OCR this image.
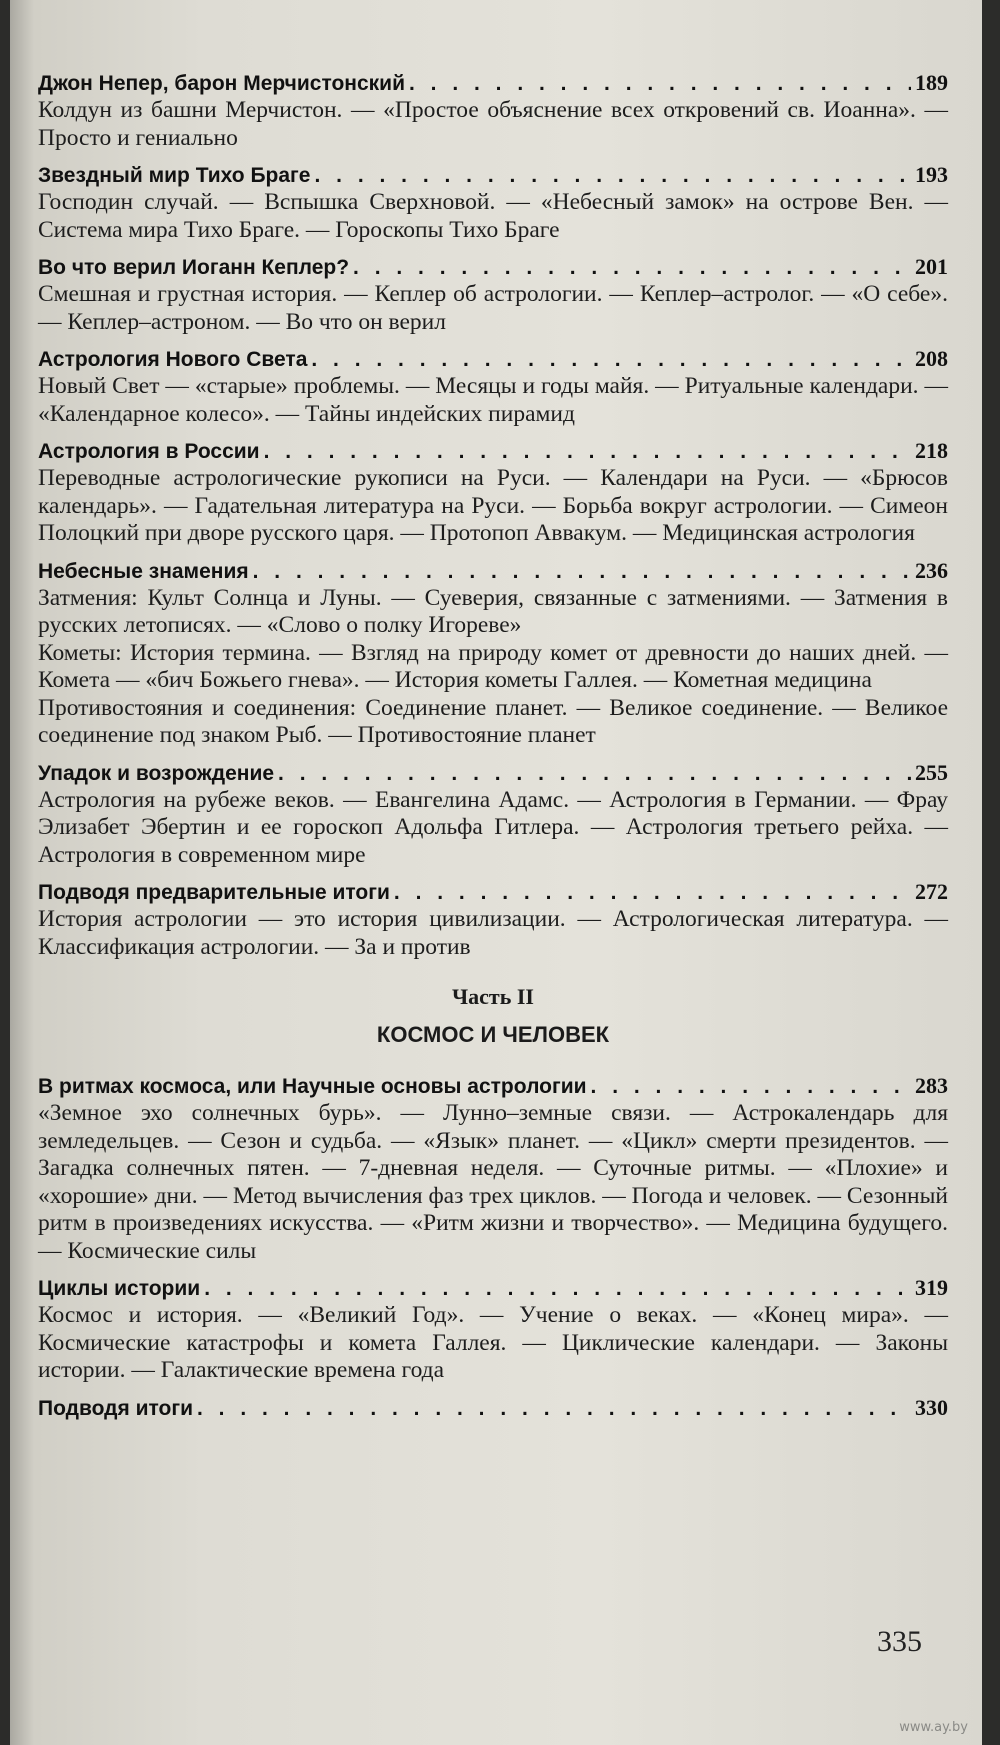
Джон Непер, барон Мерчистонский . . .	189

Колдун из башни Мерчистон. — «Простое объяснение всех откровений св. Иоанна». — Просто и гениально

Звездный мир Тихо Браге . . .	193

Господин случай. — Вспышка Сверхновой. — «Небесный замок» на острове Вен. — Система мира Тихо Браге. — Гороскопы Тихо Браге

Во что верил Иоганн Кеплер? . . .	201

Смешная и грустная история. — Кеплер об астрологии. — Кеплер–астролог. — «О себе». — Кеплер–астроном. — Во что он верил

Астрология Нового Света . . .	208

Новый Свет — «старые» проблемы. — Месяцы и годы майя. — Ритуальные календари. — «Календарное колесо». — Тайны индейских пирамид

Астрология в России . . .	218

Переводные астрологические рукописи на Руси. — Календари на Руси. — «Брюсов календарь». — Гадательная литература на Руси. — Борьба вокруг астрологии. — Симеон Полоцкий при дворе русского царя. — Протопоп Аввакум. — Медицинская астрология

Небесные знамения . . .	236

Затмения: Культ Солнца и Луны. — Суеверия, связанные с затмениями. — Затмения в русских летописях. — «Слово о полку Игореве»

Кометы: История термина. — Взгляд на природу комет от древности до наших дней. — Комета — «бич Божьего гнева». — История кометы Галлея. — Кометная медицина

Противостояния и соединения: Соединение планет. — Великое соединение. — Великое соединение под знаком Рыб. — Противостояние планет

Упадок и возрождение . . .	255

Астрология на рубеже веков. — Евангелина Адамс. — Астрология в Германии. — Фрау Элизабет Эбертин и ее гороскоп Адольфа Гитлера. — Астрология третьего рейха. — Астрология в современном мире

Подводя предварительные итоги . . .	272

История астрологии — это история цивилизации. — Астрологическая литература. — Классификация астрологии. — За и против

Часть II
КОСМОС И ЧЕЛОВЕК
В ритмах космоса, или Научные основы астрологии . . .	283

«Земное эхо солнечных бурь». — Лунно–земные связи. — Астрокалендарь для земледельцев. — Сезон и судьба. — «Язык» планет. — «Цикл» смерти президентов. — Загадка солнечных пятен. — 7-дневная неделя. — Суточные ритмы. — «Плохие» и «хорошие» дни. — Метод вычисления фаз трех циклов. — Погода и человек. — Сезонный ритм в произведениях искусства. — «Ритм жизни и творчество». — Медицина будущего. — Космические силы

Циклы истории . . .	319

Космос и история. — «Великий Год». — Учение о веках. — «Конец мира». — Космические катастрофы и комета Галлея. — Циклические календари. — Законы истории. — Галактические времена года

Подводя итоги . . .	330
335
www.ay.by
